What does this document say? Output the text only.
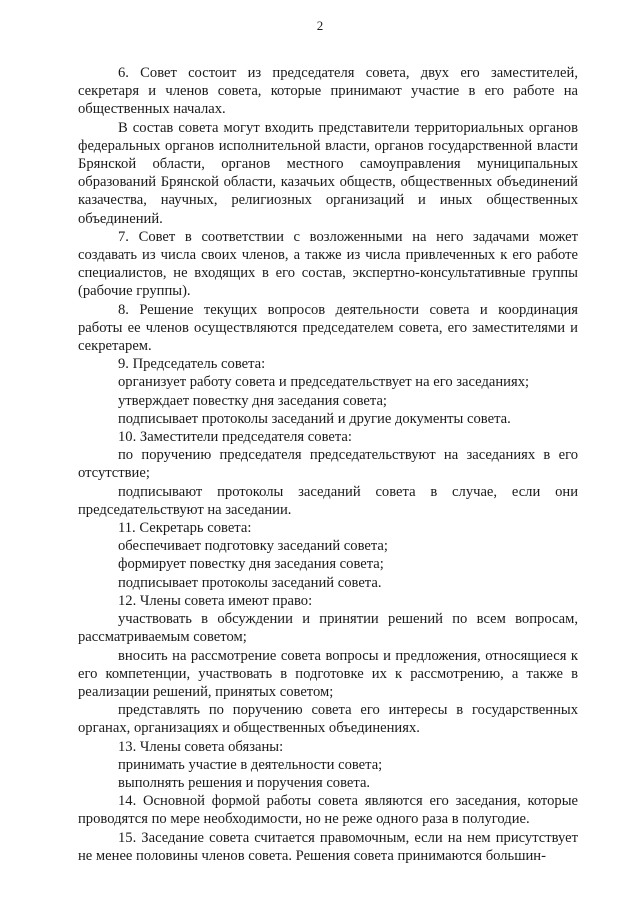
2

6. Совет состоит из председателя совета, двух его заместителей, секретаря и членов совета, которые принимают участие в его работе на общественных началах.

В состав совета могут входить представители территориальных органов федеральных органов исполнительной власти, органов государственной власти Брянской области, органов местного самоуправления муниципальных образований Брянской области, казачьих обществ, общественных объединений казачества, научных, религиозных организаций и иных общественных объединений.

7. Совет в соответствии с возложенными на него задачами может создавать из числа своих членов, а также из числа привлеченных к его работе специалистов, не входящих в его состав, экспертно-консультативные группы (рабочие группы).

8. Решение текущих вопросов деятельности совета и координация работы ее членов осуществляются председателем совета, его заместителями и секретарем.

9. Председатель совета:

организует работу совета и председательствует на его заседаниях;

утверждает повестку дня заседания совета;

подписывает протоколы заседаний и другие документы совета.

10. Заместители председателя совета:

по поручению председателя председательствуют на заседаниях в его отсутствие;

подписывают протоколы заседаний совета в случае, если они председательствуют на заседании.

11. Секретарь совета:

обеспечивает подготовку заседаний совета;

формирует повестку дня заседания совета;

подписывает протоколы заседаний совета.

12. Члены совета имеют право:

участвовать в обсуждении и принятии решений по всем вопросам, рассматриваемым советом;

вносить на рассмотрение совета вопросы и предложения, относящиеся к его компетенции, участвовать в подготовке их к рассмотрению, а также в реализации решений, принятых советом;

представлять по поручению совета его интересы в государственных органах, организациях и общественных объединениях.

13. Члены совета обязаны:

принимать участие в деятельности совета;

выполнять решения и поручения совета.

14. Основной формой работы совета являются его заседания, которые проводятся по мере необходимости, но не реже одного раза в полугодие.

15. Заседание совета считается правомочным, если на нем присутствует не менее половины членов совета. Решения совета принимаются большин-
